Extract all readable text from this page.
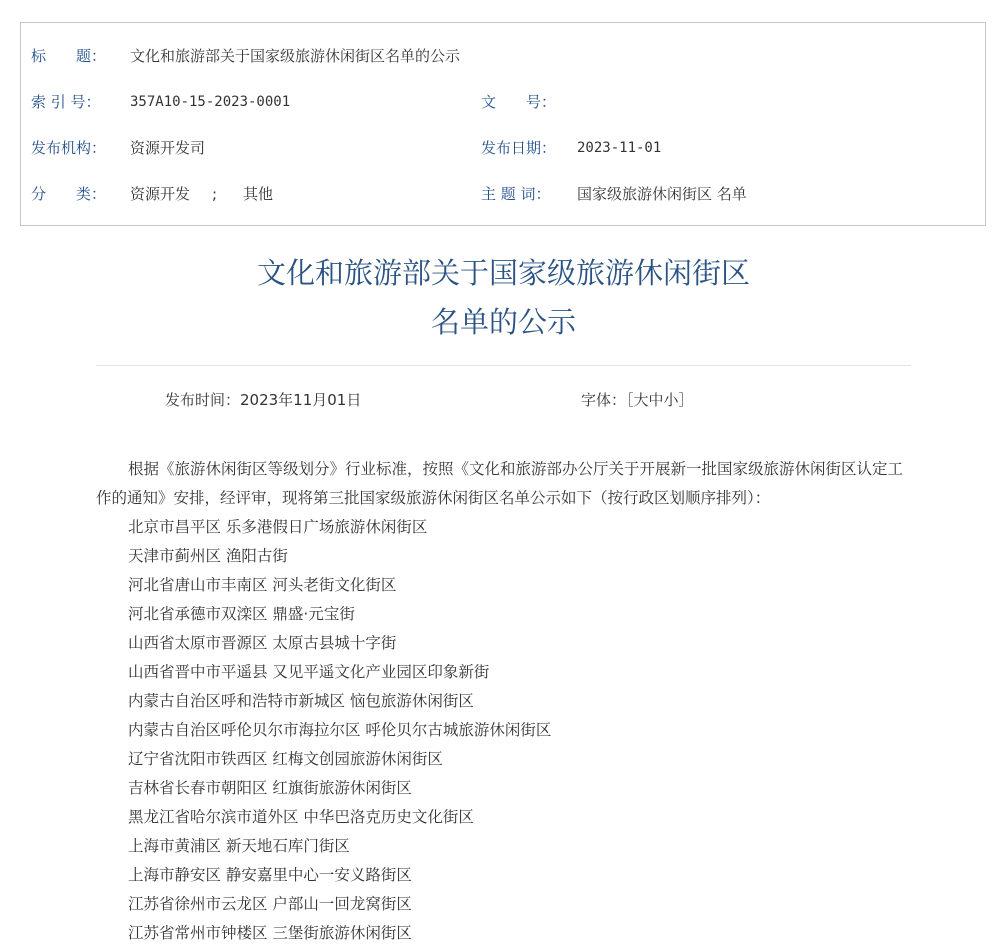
标　　题： 文化和旅游部关于国家级旅游休闲街区名单的公示
索 引 号： 357A10-15-2023-0001	文　　号：
发布机构： 资源开发司	发布日期： 2023-11-01
分　　类： 资源开发 ; 其他	主 题 词： 国家级旅游休闲街区 名单
文化和旅游部关于国家级旅游休闲街区
名单的公示
发布时间：2023年11月01日	字体：［大中小］

根据《旅游休闲街区等级划分》行业标准，按照《文化和旅游部办公厅关于开展新一批国家级旅游休闲街区认定工作的通知》安排，经评审，现将第三批国家级旅游休闲街区名单公示如下（按行政区划顺序排列）：

北京市昌平区 乐多港假日广场旅游休闲街区
天津市蓟州区 渔阳古街
河北省唐山市丰南区 河头老街文化街区
河北省承德市双滦区 鼎盛·元宝街
山西省太原市晋源区 太原古县城十字街
山西省晋中市平遥县 又见平遥文化产业园区印象新街
内蒙古自治区呼和浩特市新城区 恼包旅游休闲街区
内蒙古自治区呼伦贝尔市海拉尔区 呼伦贝尔古城旅游休闲街区
辽宁省沈阳市铁西区 红梅文创园旅游休闲街区
吉林省长春市朝阳区 红旗街旅游休闲街区
黑龙江省哈尔滨市道外区 中华巴洛克历史文化街区
上海市黄浦区 新天地石库门街区
上海市静安区 静安嘉里中心一安义路街区
江苏省徐州市云龙区 户部山一回龙窝街区
江苏省常州市钟楼区 三堡街旅游休闲街区
